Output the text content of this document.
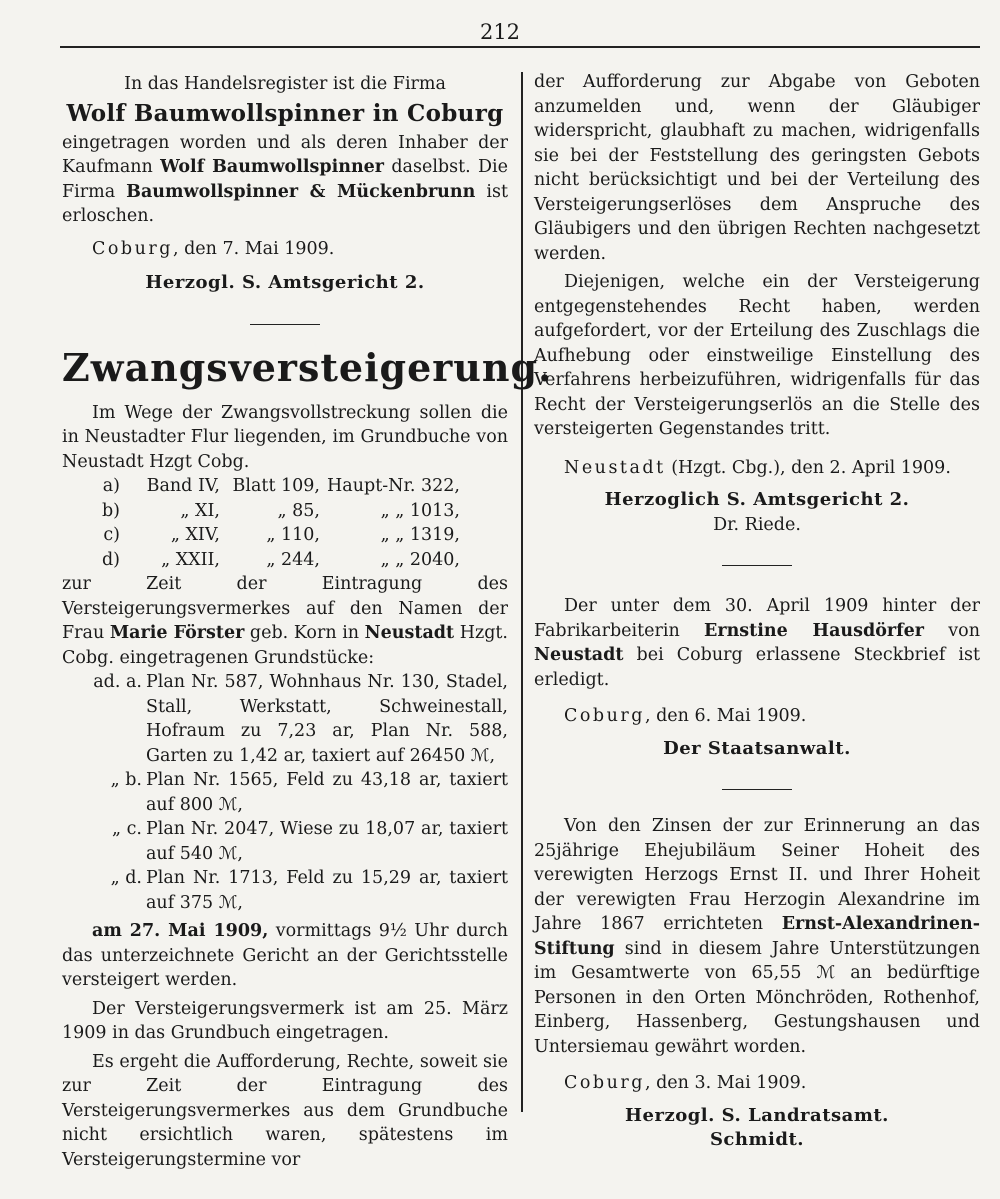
212

In das Handelsregister ist die Firma

Wolf Baumwollspinner in Coburg

eingetragen worden und als deren Inhaber der Kaufmann Wolf Baumwollspinner daselbst. Die Firma Baumwollspinner & Mückenbrunn ist erloschen.

Coburg, den 7. Mai 1909.

Herzogl. S. Amtsgericht 2.

Zwangsversteigerung.

Im Wege der Zwangsvollstreckung sollen die in Neustadter Flur liegenden, im Grundbuche von Neustadt Hzgt Cobg.

a)	Band IV, Blatt 109, Haupt-Nr. 322,
b)	„ XI,	„ 85,	„ „ 1013,
c)	„ XIV,	„ 110,	„ „ 1319,
d)	„ XXII,	„ 244,	„ „ 2040,

zur Zeit der Eintragung des Versteigerungsvermerkes auf den Namen der Frau Marie Förster geb. Korn in Neustadt Hzgt. Cobg. eingetragenen Grundstücke:

ad. a. Plan Nr. 587, Wohnhaus Nr. 130, Stadel, Stall, Werkstatt, Schweinestall, Hofraum zu 7,23 ar, Plan Nr. 588, Garten zu 1,42 ar, taxiert auf 26450 ℳ,
„ b. Plan Nr. 1565, Feld zu 43,18 ar, taxiert auf 800 ℳ,
„ c. Plan Nr. 2047, Wiese zu 18,07 ar, taxiert auf 540 ℳ,
„ d. Plan Nr. 1713, Feld zu 15,29 ar, taxiert auf 375 ℳ,

am 27. Mai 1909, vormittags 9½ Uhr durch das unterzeichnete Gericht an der Gerichtsstelle versteigert werden.

Der Versteigerungsvermerk ist am 25. März 1909 in das Grundbuch eingetragen.

Es ergeht die Aufforderung, Rechte, soweit sie zur Zeit der Eintragung des Versteigerungsvermerkes aus dem Grundbuche nicht ersichtlich waren, spätestens im Versteigerungstermine vor

der Aufforderung zur Abgabe von Geboten anzumelden und, wenn der Gläubiger widerspricht, glaubhaft zu machen, widrigenfalls sie bei der Feststellung des geringsten Gebots nicht berücksichtigt und bei der Verteilung des Versteigerungserlöses dem Anspruche des Gläubigers und den übrigen Rechten nachgesetzt werden.

Diejenigen, welche ein der Versteigerung entgegenstehendes Recht haben, werden aufgefordert, vor der Erteilung des Zuschlags die Aufhebung oder einstweilige Einstellung des Verfahrens herbeizuführen, widrigenfalls für das Recht der Versteigerungserlös an die Stelle des versteigerten Gegenstandes tritt.

Neustadt (Hzgt. Cbg.), den 2. April 1909.

Herzoglich S. Amtsgericht 2.

Dr. Riede.

Der unter dem 30. April 1909 hinter der Fabrikarbeiterin Ernstine Hausdörfer von Neustadt bei Coburg erlassene Steckbrief ist erledigt.

Coburg, den 6. Mai 1909.

Der Staatsanwalt.

Von den Zinsen der zur Erinnerung an das 25jährige Ehejubiläum Seiner Hoheit des verewigten Herzogs Ernst II. und Ihrer Hoheit der verewigten Frau Herzogin Alexandrine im Jahre 1867 errichteten Ernst-Alexandrinen-Stiftung sind in diesem Jahre Unterstützungen im Gesamtwerte von 65,55 ℳ an bedürftige Personen in den Orten Mönchröden, Rothenhof, Einberg, Hassenberg, Gestungshausen und Untersiemau gewährt worden.

Coburg, den 3. Mai 1909.

Herzogl. S. Landratsamt.

Schmidt.
